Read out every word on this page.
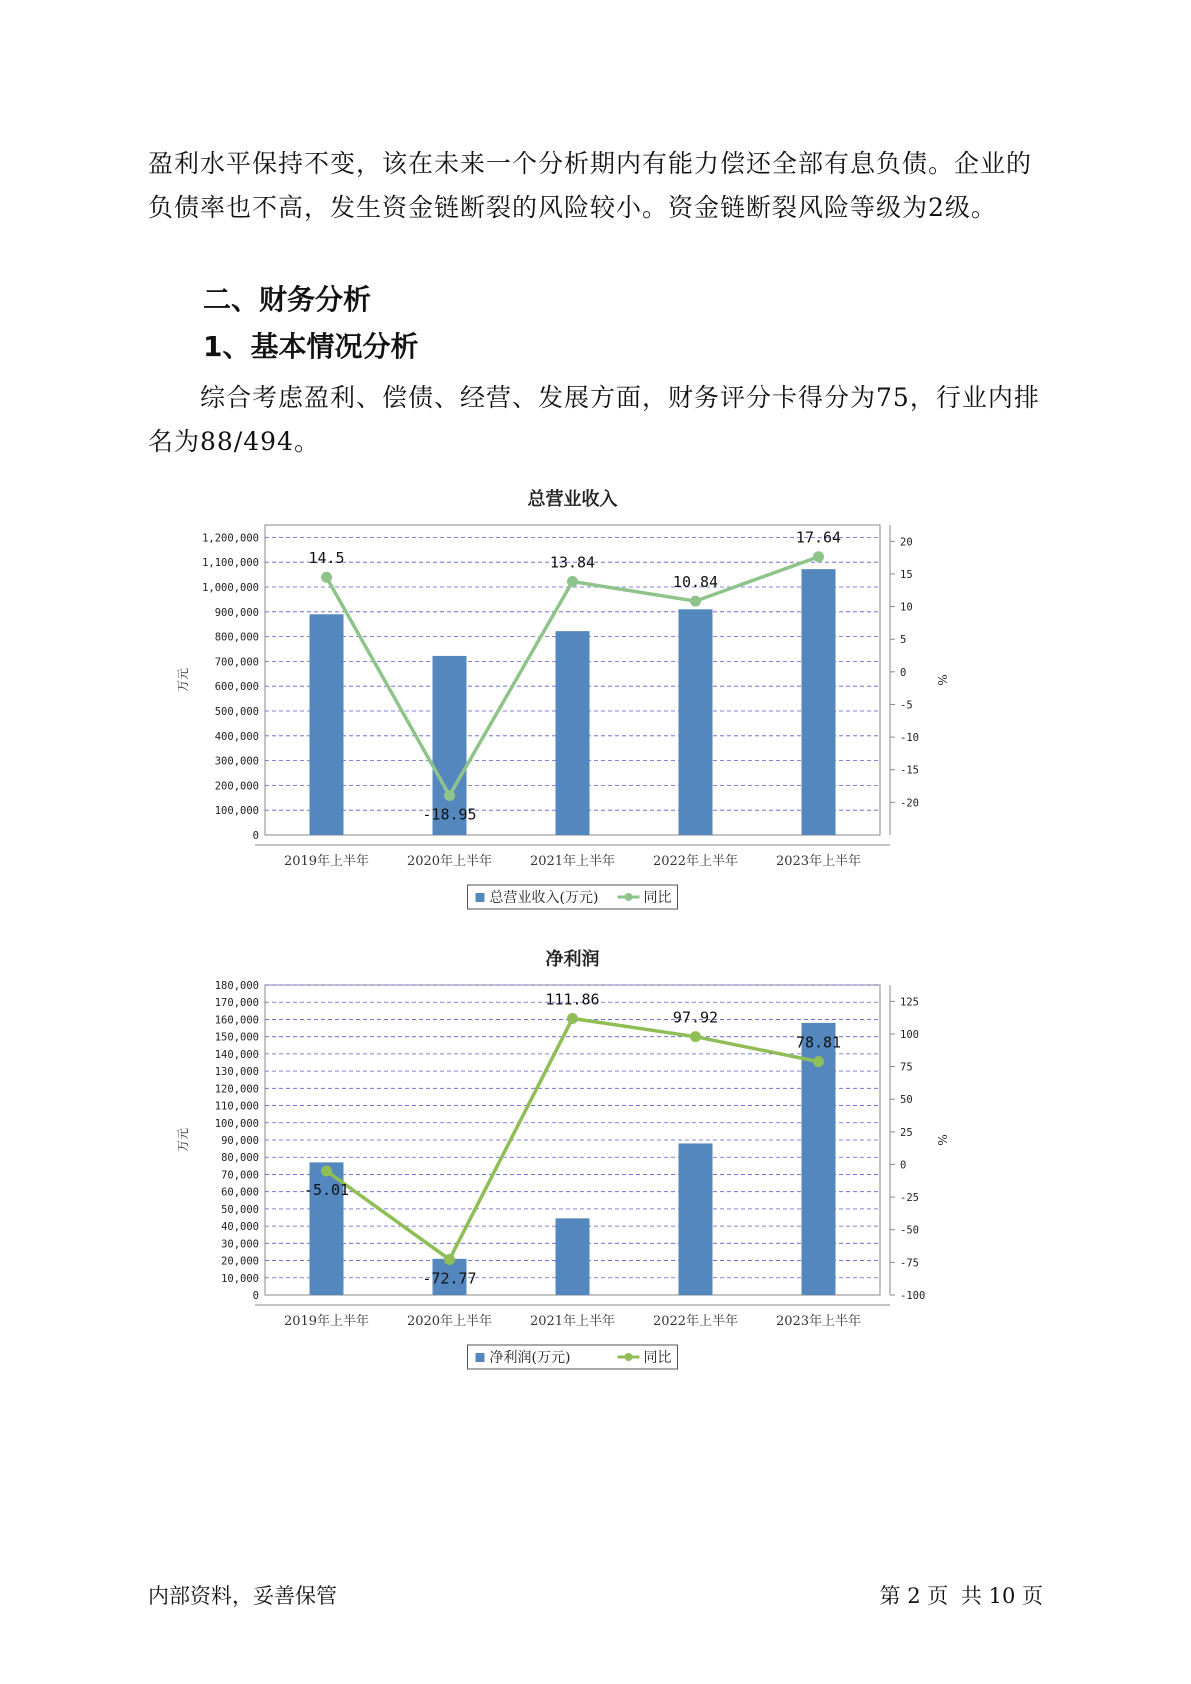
盈利水平保持不变，该在未来一个分析期内有能力偿还全部有息负债。企业的负债率也不高，发生资金链断裂的风险较小。资金链断裂风险等级为2级。

二、财务分析
1、基本情况分析

综合考虑盈利、偿债、经营、发展方面，财务评分卡得分为75，行业内排名为88/494。

总营业收入
0
100,000
200,000
300,000
400,000
500,000
600,000
700,000
800,000
900,000
1,000,000
1,100,000
1,200,000
-20
-15
-10
-5
0
5
10
15
20
万元	%
2019年上半年	2020年上半年	2021年上半年	2022年上半年	2023年上半年
14.5
-18.95
13.84
10.84
17.64
总营业收入(万元)	同比
净利润
0
10,000
20,000
30,000
40,000
50,000
60,000
70,000
80,000
90,000
100,000
110,000
120,000
130,000
140,000
150,000
160,000
170,000
180,000
-100
-75
-50
-25
0
25
50
75
100
125
万元	%
2019年上半年	2020年上半年	2021年上半年	2022年上半年	2023年上半年
-5.01
-72.77
111.86
97.92
78.81
净利润(万元)	同比
内部资料，妥善保管	第 2 页 共 10 页
